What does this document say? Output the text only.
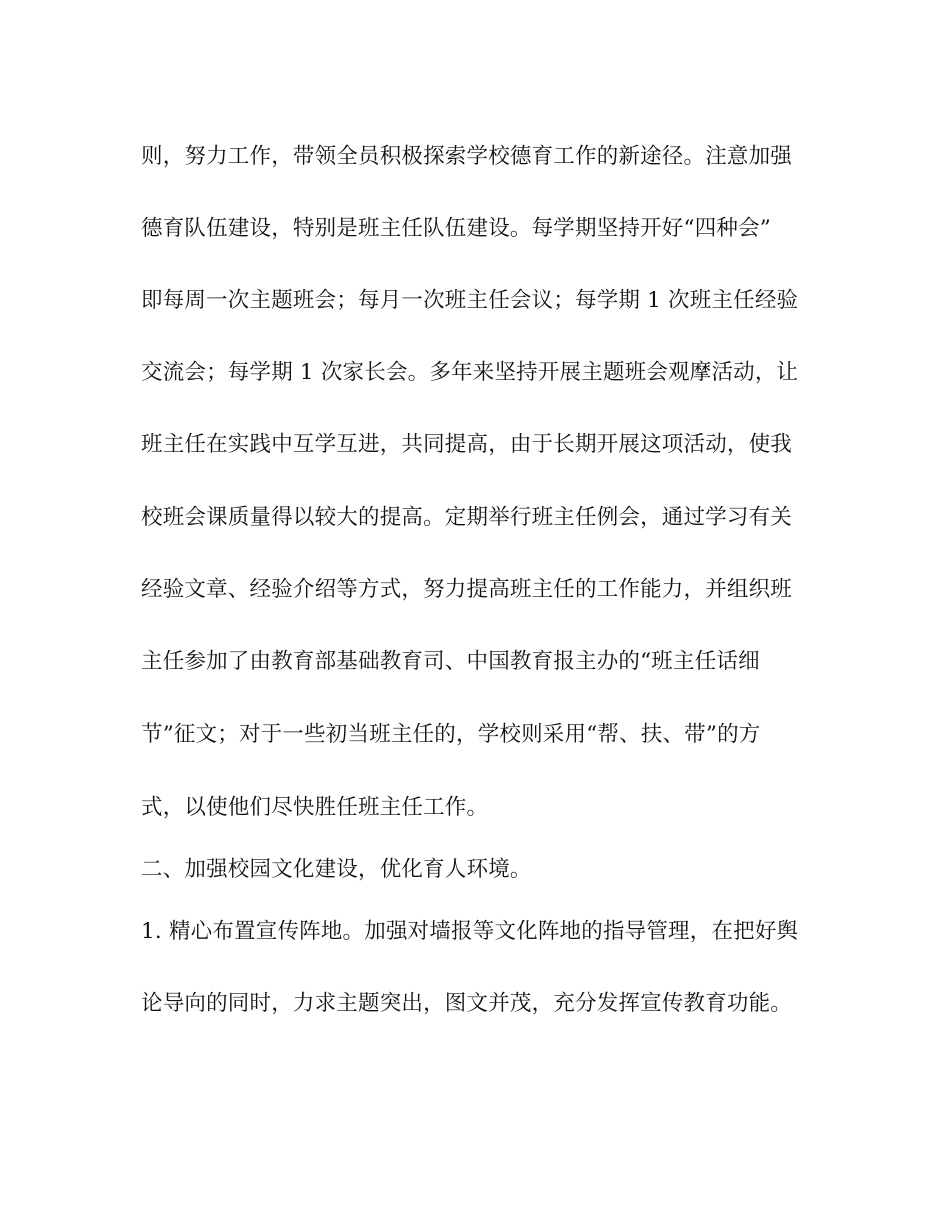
则，努力工作，带领全员积极探索学校德育工作的新途径。注意加强
德育队伍建设，特别是班主任队伍建设。每学期坚持开好“四种会”
即每周一次主题班会；每月一次班主任会议；每学期 1 次班主任经验
交流会；每学期 1 次家长会。多年来坚持开展主题班会观摩活动，让
班主任在实践中互学互进，共同提高，由于长期开展这项活动，使我
校班会课质量得以较大的提高。定期举行班主任例会，通过学习有关
经验文章、经验介绍等方式，努力提高班主任的工作能力，并组织班
主任参加了由教育部基础教育司、中国教育报主办的“班主任话细
节”征文；对于一些初当班主任的，学校则采用“帮、扶、带”的方
式，以使他们尽快胜任班主任工作。
二、加强校园文化建设，优化育人环境。
1. 精心布置宣传阵地。加强对墙报等文化阵地的指导管理，在把好舆
论导向的同时，力求主题突出，图文并茂，充分发挥宣传教育功能。
